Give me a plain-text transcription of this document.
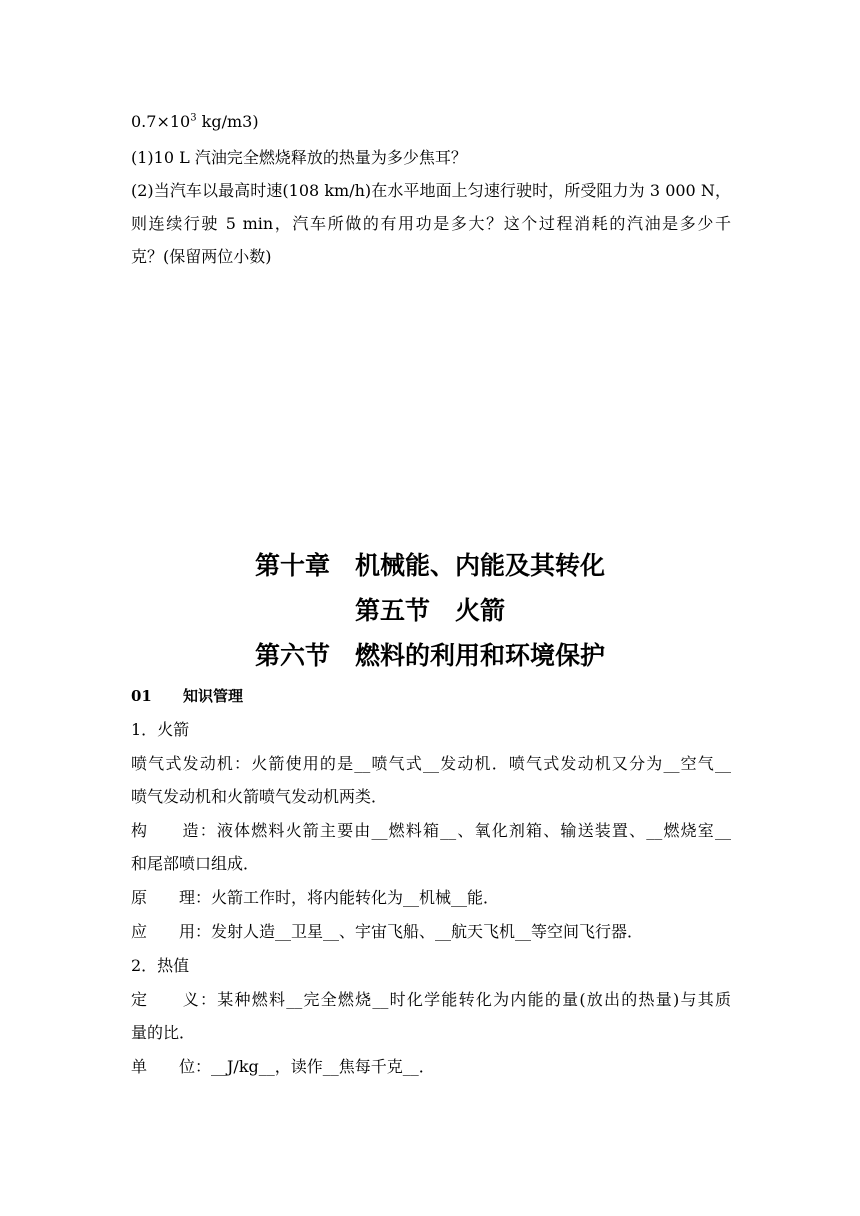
$0.7\times 10^3$ kg/m3)
(1)10 L 汽油完全燃烧释放的热量为多少焦耳？
(2)当汽车以最高时速(108 km/h)在水平地面上匀速行驶时，所受阻力为 3 000 N，
则连续行驶 5 min，汽车所做的有用功是多大？这个过程消耗的汽油是多少千
克？(保留两位小数)
第十章　机械能、内能及其转化
第五节　火箭
第六节　燃料的利用和环境保护
01 知识管理
1．火箭
喷气式发动机：火箭使用的是__喷气式__发动机．喷气式发动机又分为__空气__
喷气发动机和火箭喷气发动机两类．
构　　造：液体燃料火箭主要由__燃料箱__、氧化剂箱、输送装置、__燃烧室__
和尾部喷口组成．
原　　理：火箭工作时，将内能转化为__机械__能．
应　　用：发射人造__卫星__、宇宙飞船、__航天飞机__等空间飞行器．
2．热值
定　　义：某种燃料__完全燃烧__时化学能转化为内能的量(放出的热量)与其质
量的比．
单　　位：__J/kg__，读作__焦每千克__．
